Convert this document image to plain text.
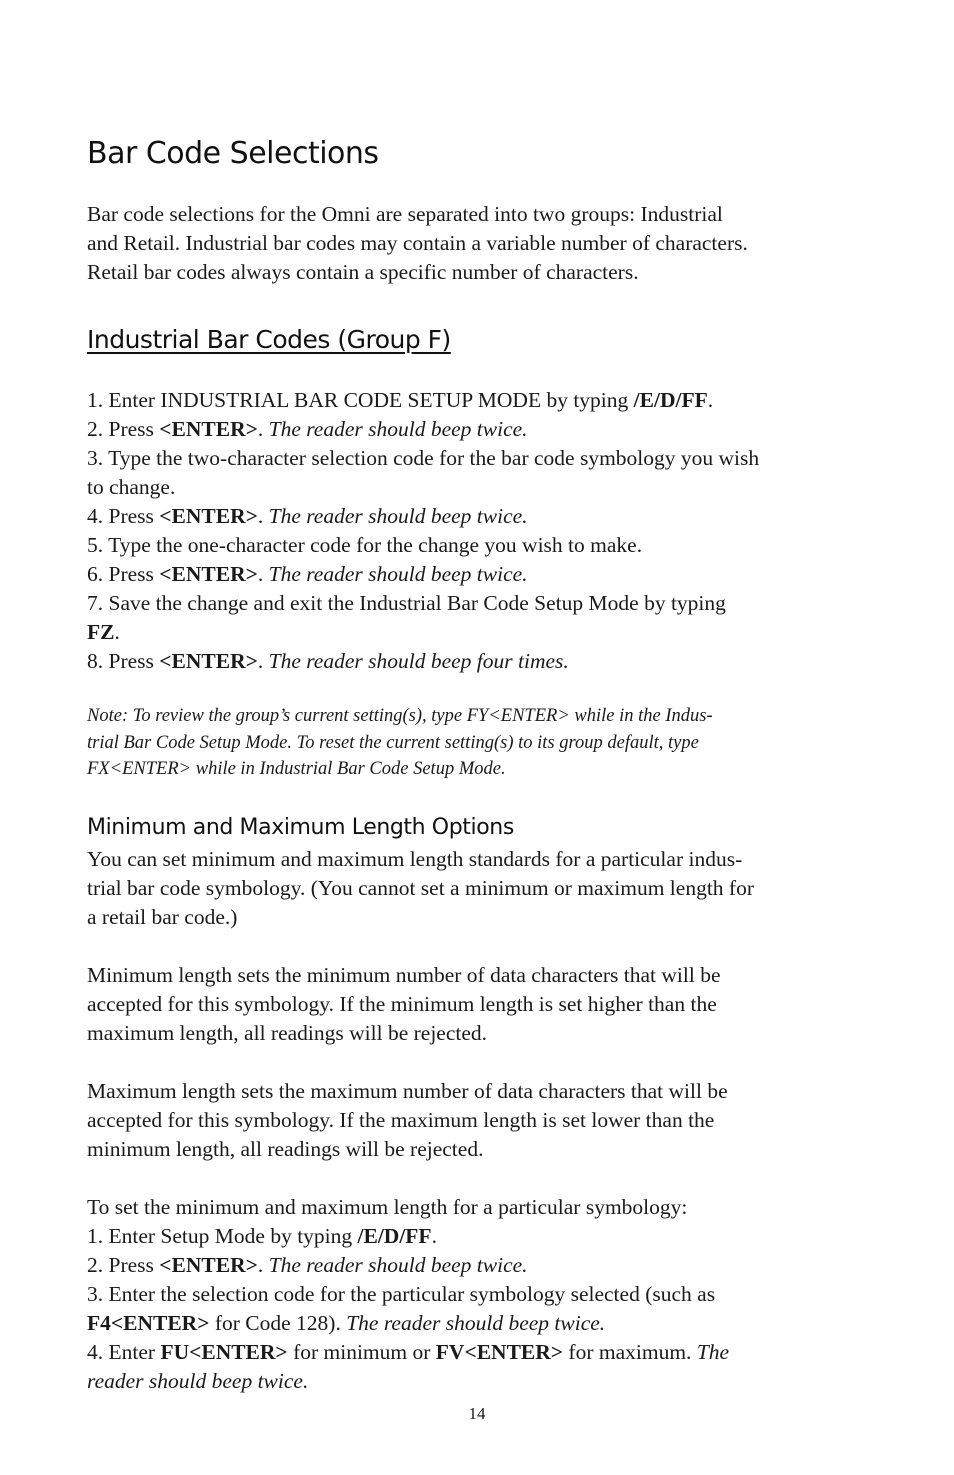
Bar Code Selections

Bar code selections for the Omni are separated into two groups: Industrial

and Retail. Industrial bar codes may contain a variable number of characters.

Retail bar codes always contain a specific number of characters.

Industrial Bar Codes (Group F)

1. Enter INDUSTRIAL BAR CODE SETUP MODE by typing /E/D/FF.

2. Press <ENTER>. The reader should beep twice.

3. Type the two-character selection code for the bar code symbology you wish

to change.

4. Press <ENTER>. The reader should beep twice.

5. Type the one-character code for the change you wish to make.

6. Press <ENTER>. The reader should beep twice.

7. Save the change and exit the Industrial Bar Code Setup Mode by typing

FZ.

8. Press <ENTER>. The reader should beep four times.

Note: To review the group’s current setting(s), type FY<ENTER> while in the Indus-

trial Bar Code Setup Mode. To reset the current setting(s) to its group default, type

FX<ENTER> while in Industrial Bar Code Setup Mode.

Minimum and Maximum Length Options

You can set minimum and maximum length standards for a particular indus-

trial bar code symbology. (You cannot set a minimum or maximum length for

a retail bar code.)

Minimum length sets the minimum number of data characters that will be

accepted for this symbology. If the minimum length is set higher than the

maximum length, all readings will be rejected.

Maximum length sets the maximum number of data characters that will be

accepted for this symbology. If the maximum length is set lower than the

minimum length, all readings will be rejected.

To set the minimum and maximum length for a particular symbology:

1. Enter Setup Mode by typing /E/D/FF.

2. Press <ENTER>. The reader should beep twice.

3. Enter the selection code for the particular symbology selected (such as

F4<ENTER> for Code 128). The reader should beep twice.

4. Enter FU<ENTER> for minimum or FV<ENTER> for maximum. The

reader should beep twice.

14
